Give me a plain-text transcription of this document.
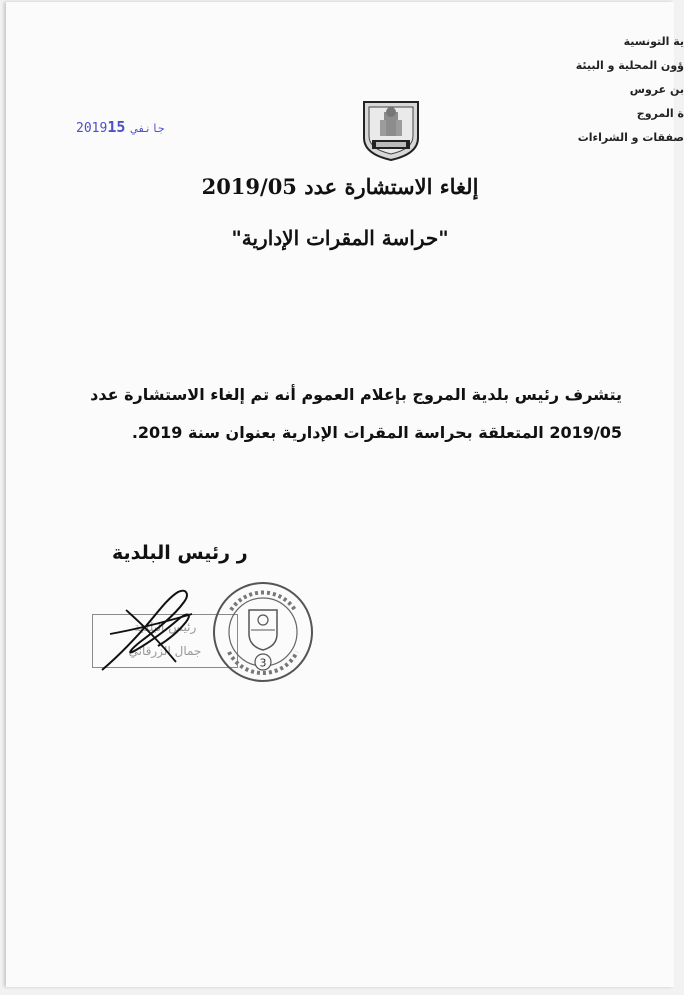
ية التونسية
ؤون المحلية و البيئة
بن عروس
ة المروج
صفقات و الشراءات
2019 جانفي15
إلغاء الاستشارة عدد 2019/05
"حراسة المقرات الإدارية"
يتشرف رئيس بلدية المروج بإعلام العموم أنه تم إلغاء الاستشارة عدد
2019/05 المتعلقة بحراسة المقرات الإدارية بعنوان سنة 2019.
ر رئيس البلدية
رئيس البلدية
جمال الزرقاني
3
